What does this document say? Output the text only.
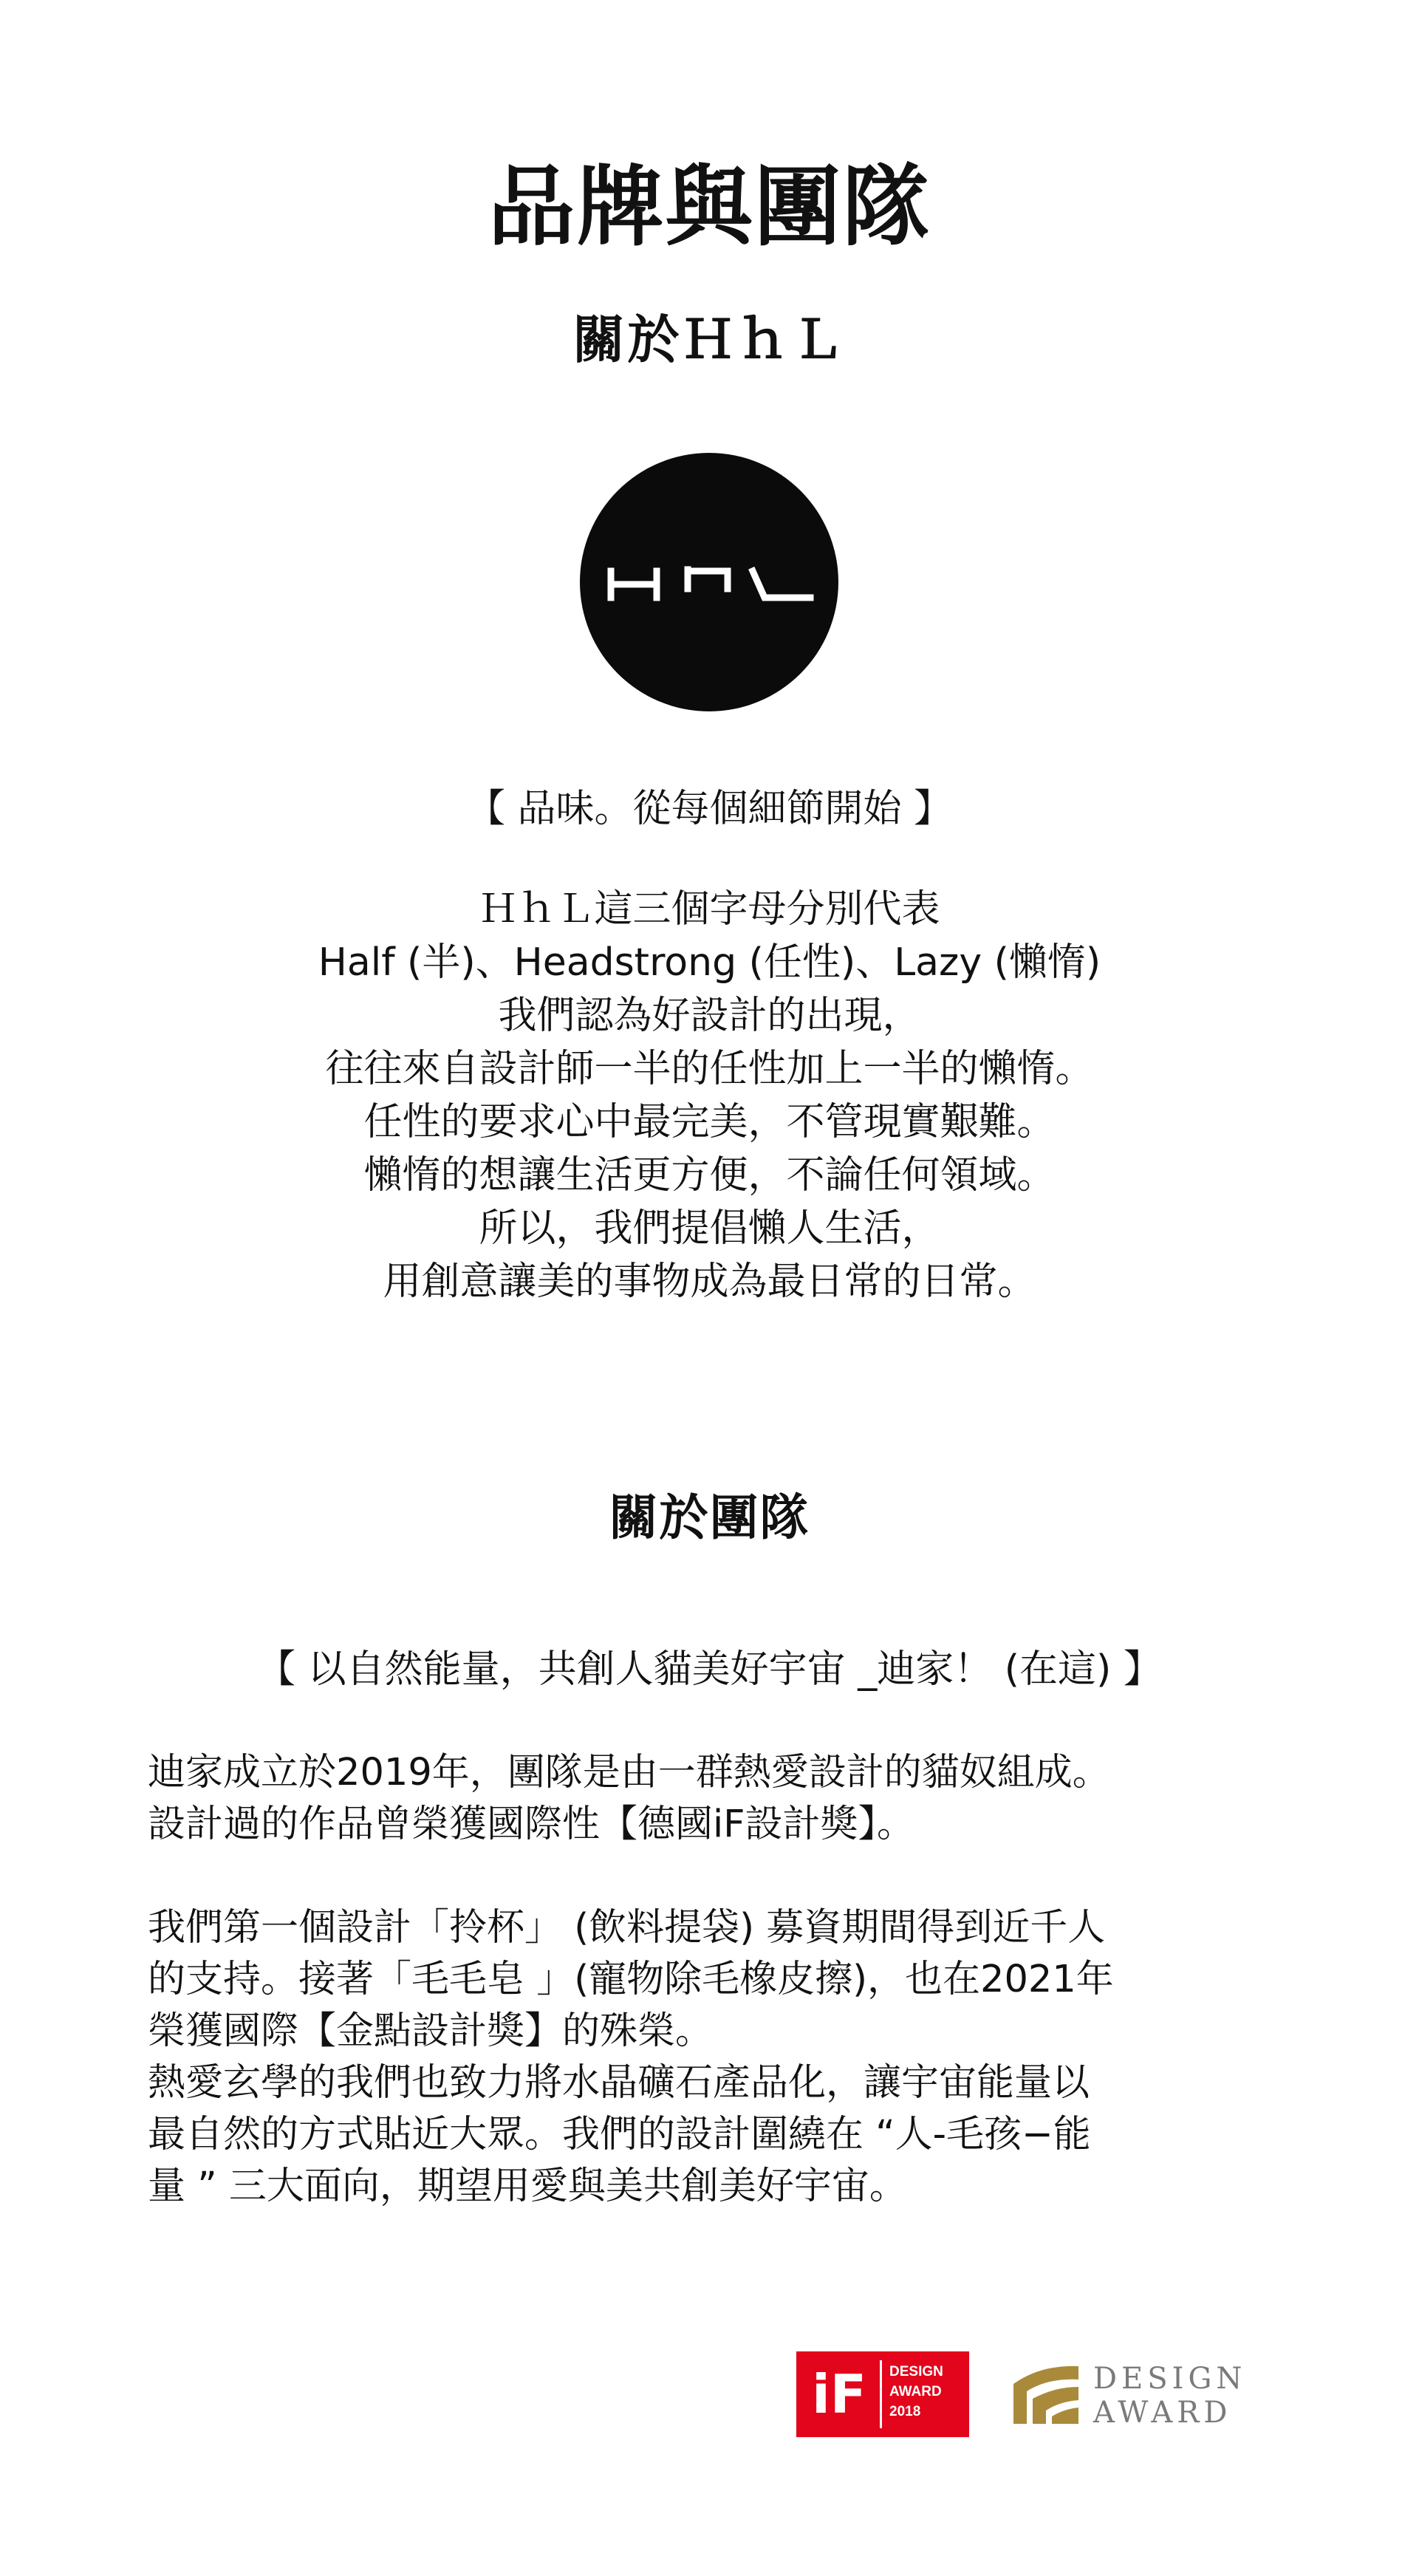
品牌與團隊
關於ＨｈＬ
【 品味。從每個細節開始 】
ＨｈＬ這三個字母分別代表
Half (半)、Headstrong (任性)、Lazy (懶惰)
我們認為好設計的出現，
往往來自設計師一半的任性加上一半的懶惰。
任性的要求心中最完美，不管現實艱難。
懶惰的想讓生活更方便，不論任何領域。
所以，我們提倡懶人生活，
用創意讓美的事物成為最日常的日常。
關於團隊
【 以自然能量，共創人貓美好宇宙 _迪家！ (在這) 】
迪家成立於2019年，團隊是由一群熱愛設計的貓奴組成。
設計過的作品曾榮獲國際性【德國iF設計獎】。
我們第一個設計「拎杯」 (飲料提袋) 募資期間得到近千人
的支持。接著「毛毛皂 」(寵物除毛橡皮擦)，也在2021年
榮獲國際【金點設計獎】的殊榮。
熱愛玄學的我們也致力將水晶礦石產品化，讓宇宙能量以
最自然的方式貼近大眾。我們的設計圍繞在 “人-毛孩−能
量 ” 三大面向，期望用愛與美共創美好宇宙。
iF	DESIGN
AWARD
2018
DESIGN
AWARD
